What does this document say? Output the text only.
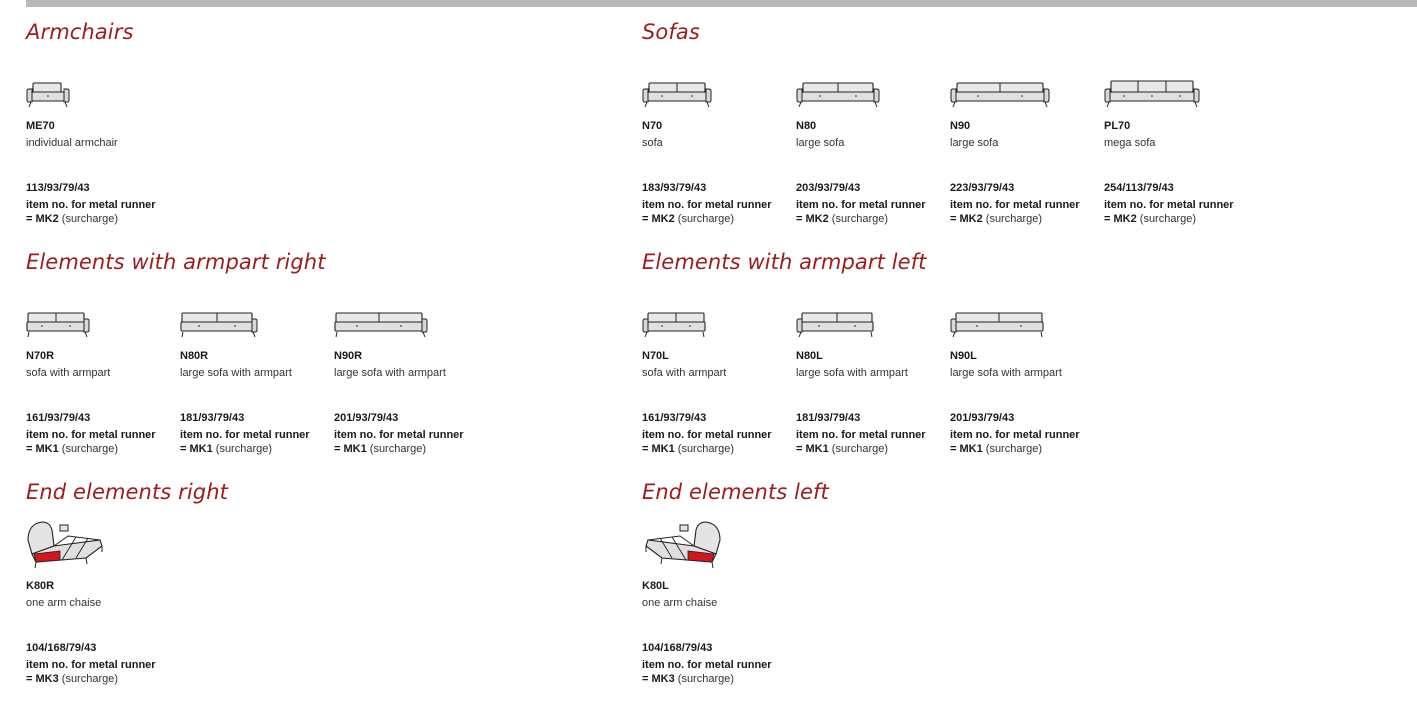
Armchairs
ME70
individual armchair
113/93/79/43
item no. for metal runner
= MK2 (surcharge)
Sofas
N70
sofa
183/93/79/43
item no. for metal runner
= MK2 (surcharge)
N80
large sofa
203/93/79/43
item no. for metal runner
= MK2 (surcharge)
N90
large sofa
223/93/79/43
item no. for metal runner
= MK2 (surcharge)
PL70
mega sofa
254/113/79/43
item no. for metal runner
= MK2 (surcharge)
Elements with armpart right
N70R
sofa with armpart
161/93/79/43
item no. for metal runner
= MK1 (surcharge)
N80R
large sofa with armpart
181/93/79/43
item no. for metal runner
= MK1 (surcharge)
N90R
large sofa with armpart
201/93/79/43
item no. for metal runner
= MK1 (surcharge)
Elements with armpart left
N70L
sofa with armpart
161/93/79/43
item no. for metal runner
= MK1 (surcharge)
N80L
large sofa with armpart
181/93/79/43
item no. for metal runner
= MK1 (surcharge)
N90L
large sofa with armpart
201/93/79/43
item no. for metal runner
= MK1 (surcharge)
End elements right
K80R
one arm chaise
104/168/79/43
item no. for metal runner
= MK3 (surcharge)
End elements left
K80L
one arm chaise
104/168/79/43
item no. for metal runner
= MK3 (surcharge)
